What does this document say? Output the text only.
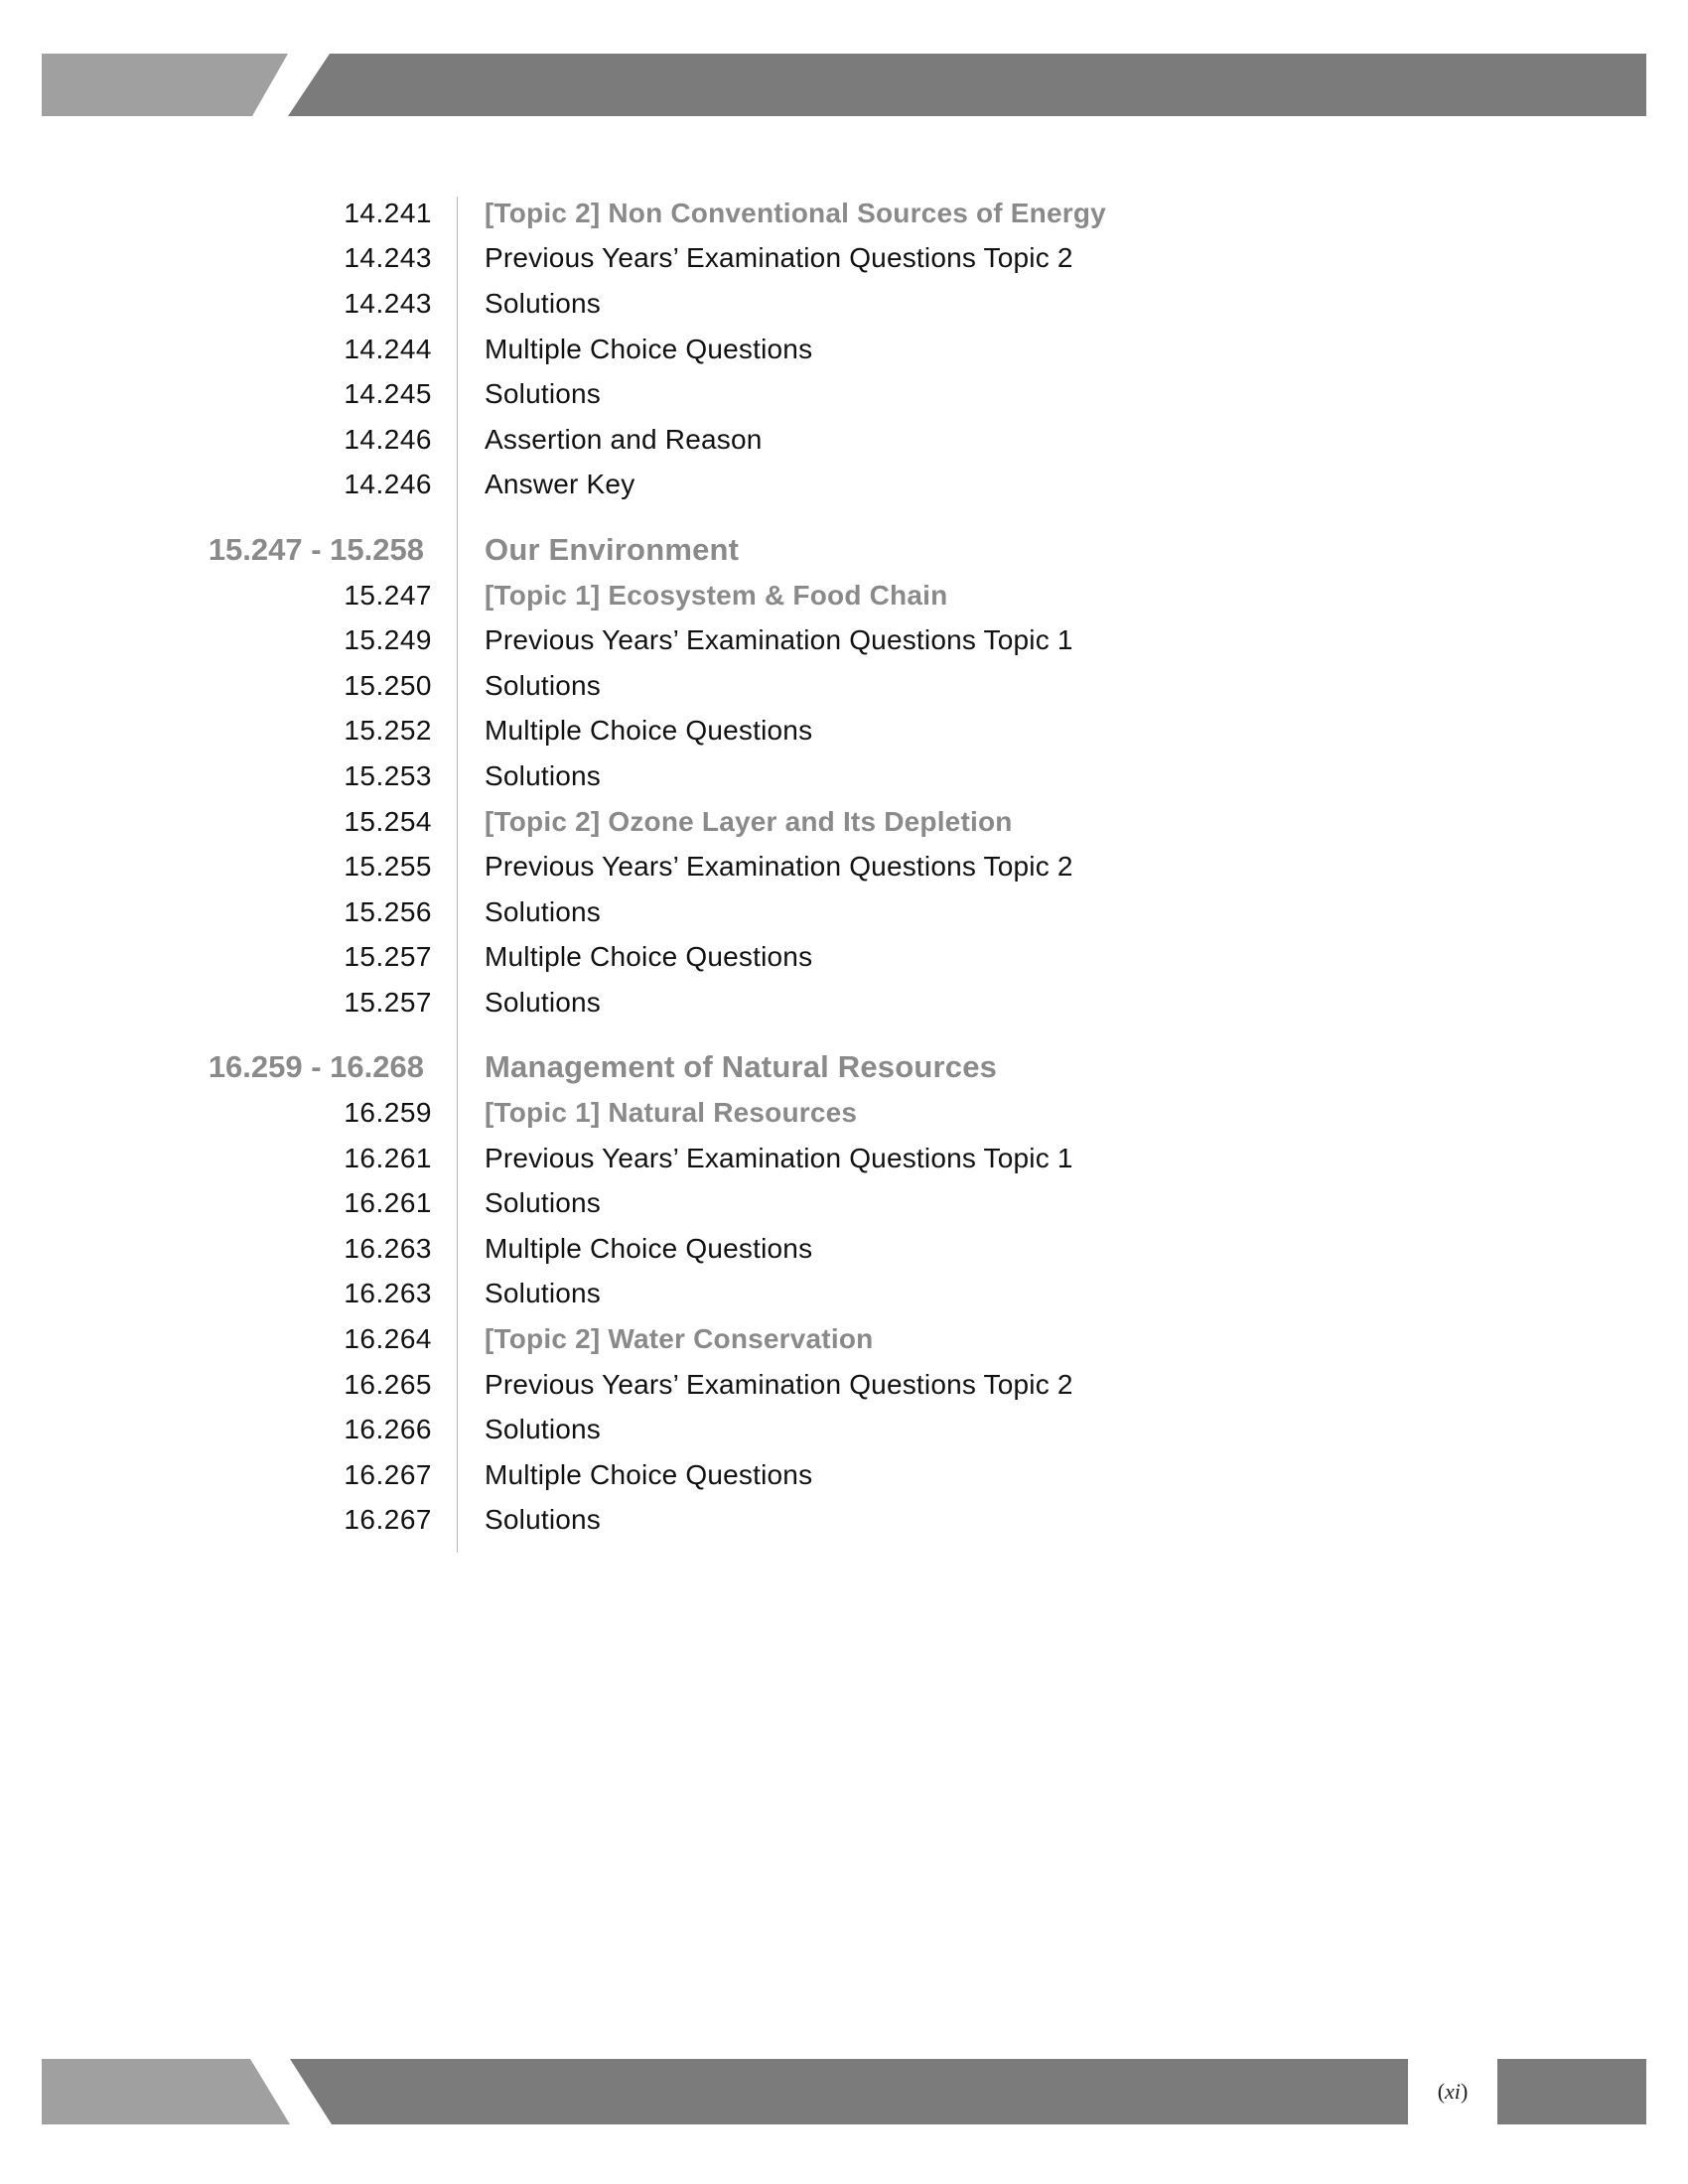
14.241 [Topic 2] Non Conventional Sources of Energy
14.243 Previous Years’ Examination Questions Topic 2
14.243 Solutions
14.244 Multiple Choice Questions
14.245 Solutions
14.246 Assertion and Reason
14.246 Answer Key
15.247 - 15.258 Our Environment
15.247 [Topic 1] Ecosystem & Food Chain
15.249 Previous Years’ Examination Questions Topic 1
15.250 Solutions
15.252 Multiple Choice Questions
15.253 Solutions
15.254 [Topic 2] Ozone Layer and Its Depletion
15.255 Previous Years’ Examination Questions Topic 2
15.256 Solutions
15.257 Multiple Choice Questions
15.257 Solutions
16.259 - 16.268 Management of Natural Resources
16.259 [Topic 1] Natural Resources
16.261 Previous Years’ Examination Questions Topic 1
16.261 Solutions
16.263 Multiple Choice Questions
16.263 Solutions
16.264 [Topic 2] Water Conservation
16.265 Previous Years’ Examination Questions Topic 2
16.266 Solutions
16.267 Multiple Choice Questions
16.267 Solutions
( xi )
